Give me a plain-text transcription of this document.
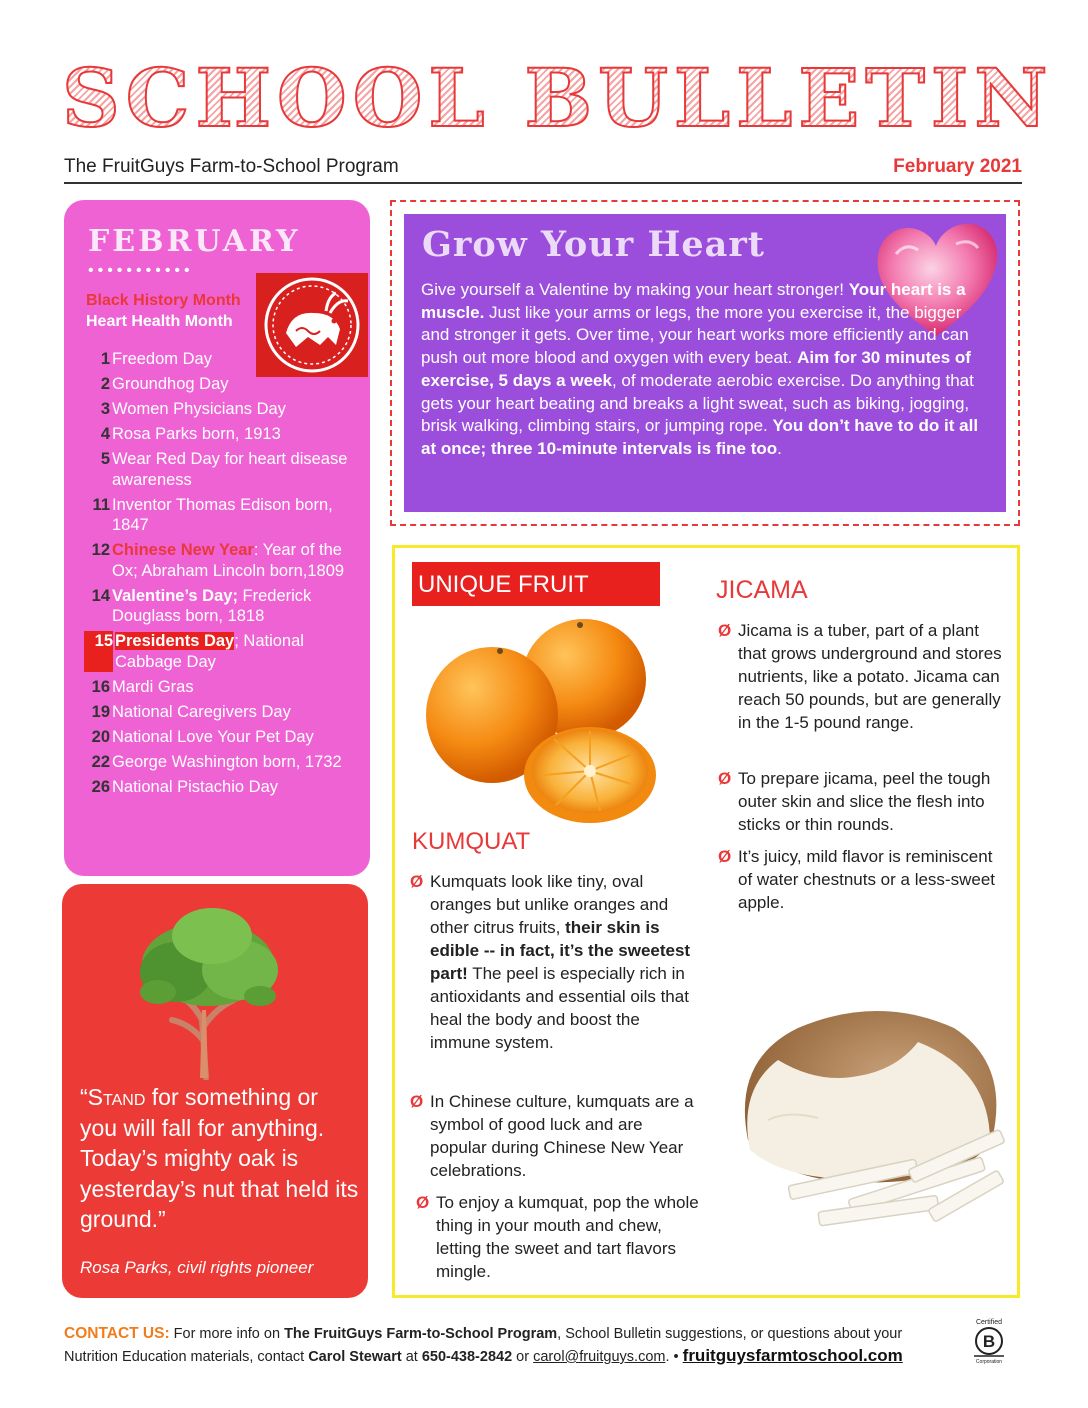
SCHOOL BULLETIN
The FruitGuys Farm-to-School Program	February 2021
FEBRUARY
•••••••••••
Black History Month
Heart Health Month
1 Freedom Day
2 Groundhog Day
3 Women Physicians Day
4 Rosa Parks born, 1913
5 Wear Red Day for heart disease awareness
11 Inventor Thomas Edison born, 1847
12 Chinese New Year: Year of the Ox; Abraham Lincoln born,1809
14 Valentine’s Day; Frederick Douglass born, 1818
15 Presidents Day; National Cabbage Day
16 Mardi Gras
19 National Caregivers Day
20 National Love Your Pet Day
22 George Washington born, 1732
26 National Pistachio Day
“Stand for something or you will fall for anything. Today’s mighty oak is yesterday’s nut that held its ground.”
Rosa Parks, civil rights pioneer
Grow Your Heart
Give yourself a Valentine by making your heart stronger! Your heart is a muscle. Just like your arms or legs, the more you exercise it, the bigger and stronger it gets. Over time, your heart works more efficiently and can push out more blood and oxygen with every beat. Aim for 30 minutes of exercise, 5 days a week, of moderate aerobic exercise. Do anything that gets your heart beating and breaks a light sweat, such as biking, jogging, brisk walking, climbing stairs, or jumping rope. You don’t have to do it all at once; three 10-minute intervals is fine too.
UNIQUE FRUIT
KUMQUAT
Ø Kumquats look like tiny, oval oranges but unlike oranges and other citrus fruits, their skin is edible -- in fact, it’s the sweetest part! The peel is especially rich in antioxidants and essential oils that heal the body and boost the immune system.
Ø In Chinese culture, kumquats are a symbol of good luck and are popular during Chinese New Year celebrations.
Ø To enjoy a kumquat, pop the whole thing in your mouth and chew, letting the sweet and tart flavors mingle.
JICAMA
Ø Jicama is a tuber, part of a plant that grows underground and stores nutrients, like a potato. Jicama can reach 50 pounds, but are generally in the 1-5 pound range.
Ø To prepare jicama, peel the tough outer skin and slice the flesh into sticks or thin rounds.
Ø It’s juicy, mild flavor is reminiscent of water chestnuts or a less-sweet apple.
CONTACT US: For more info on The FruitGuys Farm-to-School Program, School Bulletin suggestions, or questions about your
Nutrition Education materials, contact Carol Stewart at 650-438-2842 or carol@fruitguys.com. • fruitguysfarmtoschool.com
Certified
B
Corporation
